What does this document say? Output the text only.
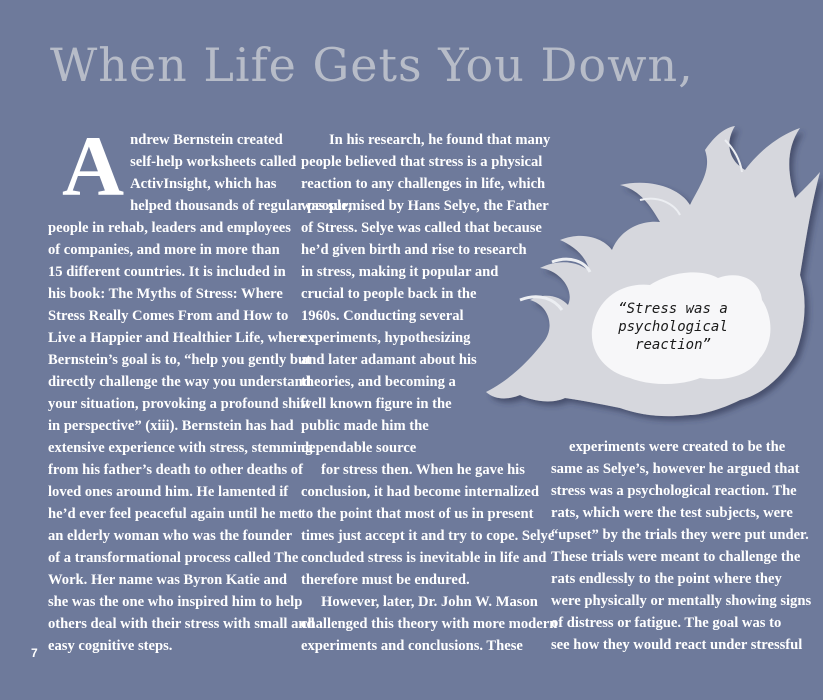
When Life Gets You Down,
A ndrew Bernstein created
self-help worksheets called
ActivInsight, which has
helped thousands of regular people,
people in rehab, leaders and employees
of companies, and more in more than
15 different countries. It is included in
his book: The Myths of Stress: Where
Stress Really Comes From and How to
Live a Happier and Healthier Life, where
Bernstein’s goal is to, “help you gently but
directly challenge the way you understand
your situation, provoking a profound shift
in perspective” (xiii). Bernstein has had
extensive experience with stress, stemming
from his father’s death to other deaths of
loved ones around him. He lamented if
he’d ever feel peaceful again until he met
an elderly woman who was the founder
of a transformational process called The
Work. Her name was Byron Katie and
she was the one who inspired him to help
others deal with their stress with small and
easy cognitive steps.
In his research, he found that many
people believed that stress is a physical
reaction to any challenges in life, which
was surmised by Hans Selye, the Father
of Stress. Selye was called that because
he’d given birth and rise to research
in stress, making it popular and
crucial to people back in the
1960s. Conducting several
experiments, hypothesizing
and later adamant about his
theories, and becoming a
well known figure in the
public made him the
dependable source
for stress then. When he gave his
conclusion, it had become internalized
to the point that most of us in present
times just accept it and try to cope. Selye
concluded stress is inevitable in life and
therefore must be endured.
However, later, Dr. John W. Mason
challenged this theory with more modern
experiments and conclusions. These

“Stress was a
psychological
reaction”

experiments were created to be the
same as Selye’s, however he argued that
stress was a psychological reaction. The
rats, which were the test subjects, were
“upset” by the trials they were put under.
These trials were meant to challenge the
rats endlessly to the point where they
were physically or mentally showing signs
of distress or fatigue. The goal was to
see how they would react under stressful
7
